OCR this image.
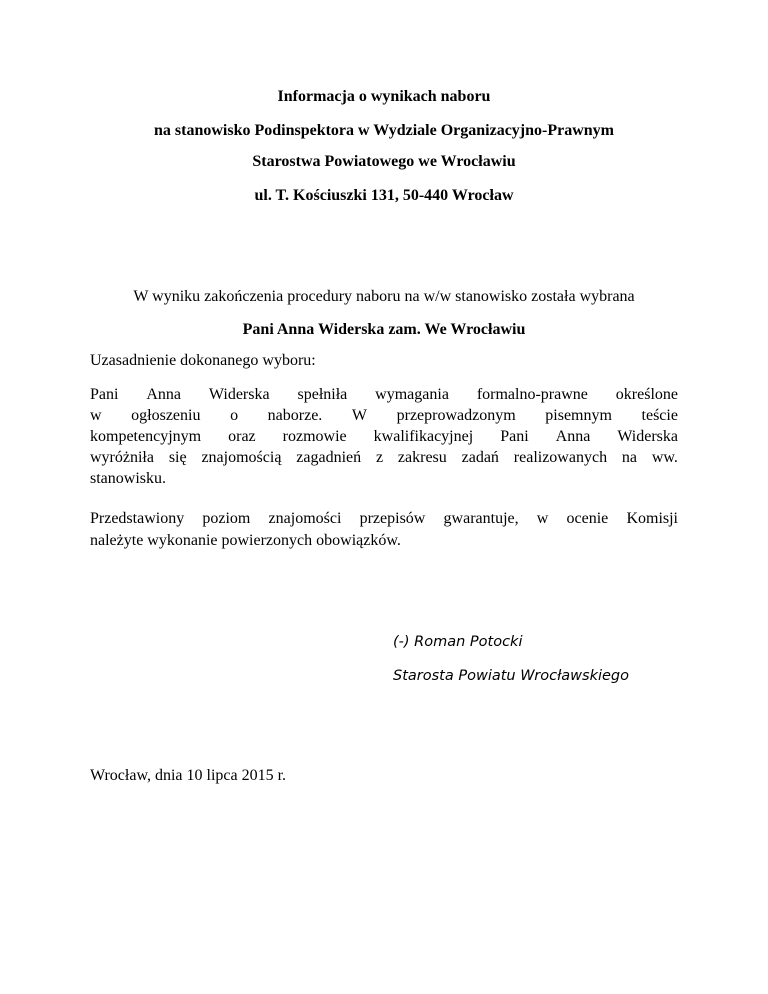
Informacja o wynikach naboru
na stanowisko Podinspektora w Wydziale Organizacyjno-Prawnym
Starostwa Powiatowego we Wrocławiu
ul. T. Kościuszki 131, 50-440 Wrocław
W wyniku zakończenia procedury naboru na w/w stanowisko została wybrana
Pani Anna Widerska zam. We Wrocławiu
Uzasadnienie dokonanego wyboru:
Pani Anna Widerska spełniła wymagania formalno-prawne określone
w ogłoszeniu o naborze. W przeprowadzonym pisemnym teście
kompetencyjnym oraz rozmowie kwalifikacyjnej Pani Anna Widerska
wyróżniła się znajomością zagadnień z zakresu zadań realizowanych na ww.
stanowisku.
Przedstawiony poziom znajomości przepisów gwarantuje, w ocenie Komisji
należyte wykonanie powierzonych obowiązków.
(-) Roman Potocki
Starosta Powiatu Wrocławskiego
Wrocław, dnia 10 lipca 2015 r.
